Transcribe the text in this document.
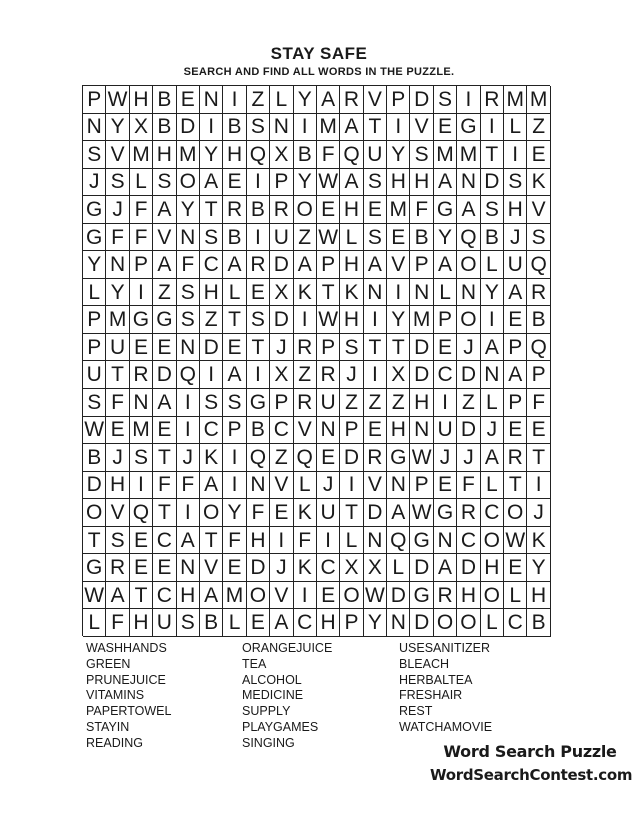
STAY SAFE
SEARCH AND FIND ALL WORDS IN THE PUZZLE.
P W H B E N I Z L Y A R V P D S I R M M
N Y X B D I B S N I M A T I V E G I L Z
S V M H M Y H Q X B F Q U Y S M M T I E
J S L S O A E I P Y W A S H H A N D S K
G J F A Y T R B R O E H E M F G A S H V
G F F V N S B I U Z W L S E B Y Q B J S
Y N P A F C A R D A P H A V P A O L U Q
L Y I Z S H L E X K T K N I N L N Y A R
P M G G S Z T S D I W H I Y M P O I E B
P U E E N D E T J R P S T T D E J A P Q
U T R D Q I A I X Z R J I X D C D N A P
S F N A I S S G P R U Z Z Z H I Z L P F
W E M E I C P B C V N P E H N U D J E E
B J S T J K I Q Z Q E D R G W J J A R T
D H I F F A I N V L J I V N P E F L T I
O V Q T I O Y F E K U T D A W G R C O J
T S E C A T F H I F I L N Q G N C O W K
G R E E N V E D J K C X X L D A D H E Y
W A T C H A M O V I E O W D G R H O L H
L F H U S B L E A C H P Y N D O O L C B
WASHHANDS
GREEN
PRUNEJUICE
VITAMINS
PAPERTOWEL
STAYIN
READING
ORANGEJUICE
TEA
ALCOHOL
MEDICINE
SUPPLY
PLAYGAMES
SINGING
USESANITIZER
BLEACH
HERBALTEA
FRESHAIR
REST
WATCHAMOVIE
Word Search Puzzle
WordSearchContest.com
